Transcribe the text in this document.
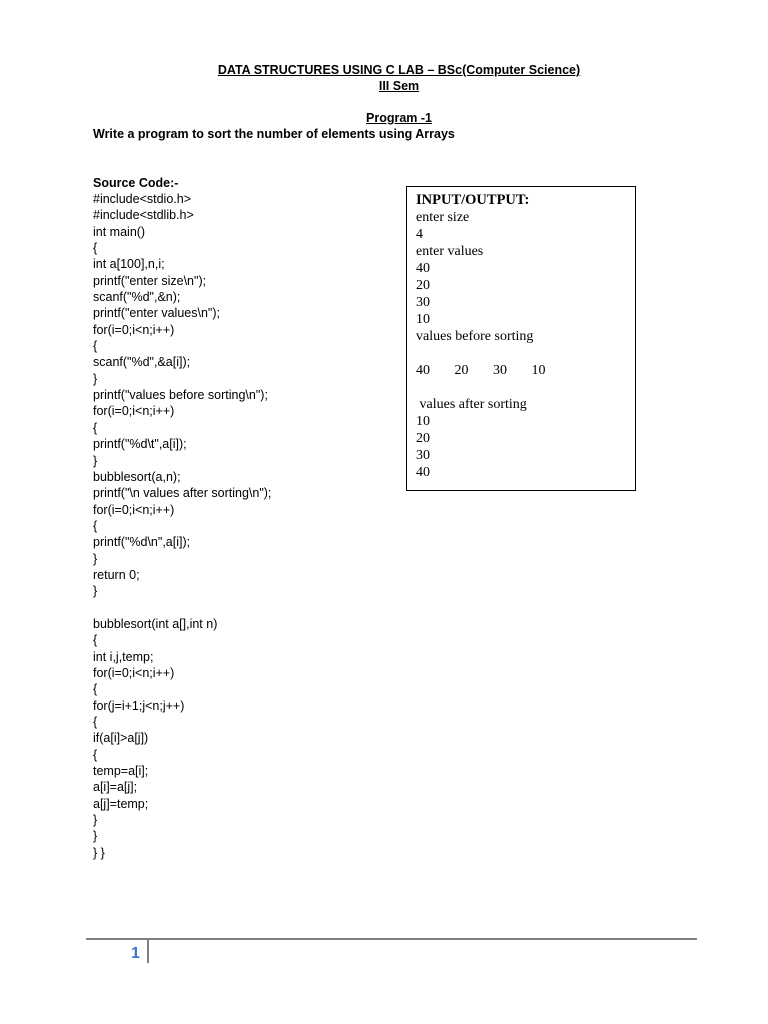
DATA STRUCTURES USING C LAB – BSc(Computer Science)
III Sem
Program -1
Write a program to sort the number of elements using Arrays
Source Code:-
#include<stdio.h>
#include<stdlib.h>
int main()
{
int a[100],n,i;
printf("enter size\n");
scanf("%d",&n);
printf("enter values\n");
for(i=0;i<n;i++)
{
scanf("%d",&a[i]);
}
printf("values before sorting\n");
for(i=0;i<n;i++)
{
printf("%d\t",a[i]);
}
bubblesort(a,n);
printf("\n values after sorting\n");
for(i=0;i<n;i++)
{
printf("%d\n",a[i]);
}
return 0;
}
bubblesort(int a[],int n)
{
int i,j,temp;
for(i=0;i<n;i++)
{
for(j=i+1;j<n;j++)
{
if(a[i]>a[j])
{
temp=a[i];
a[i]=a[j];
a[j]=temp;
}
}
} }
INPUT/OUTPUT:
enter size
4
enter values
40
20
30
10
values before sorting
40       20       30       10
values after sorting
10
20
30
40
1
